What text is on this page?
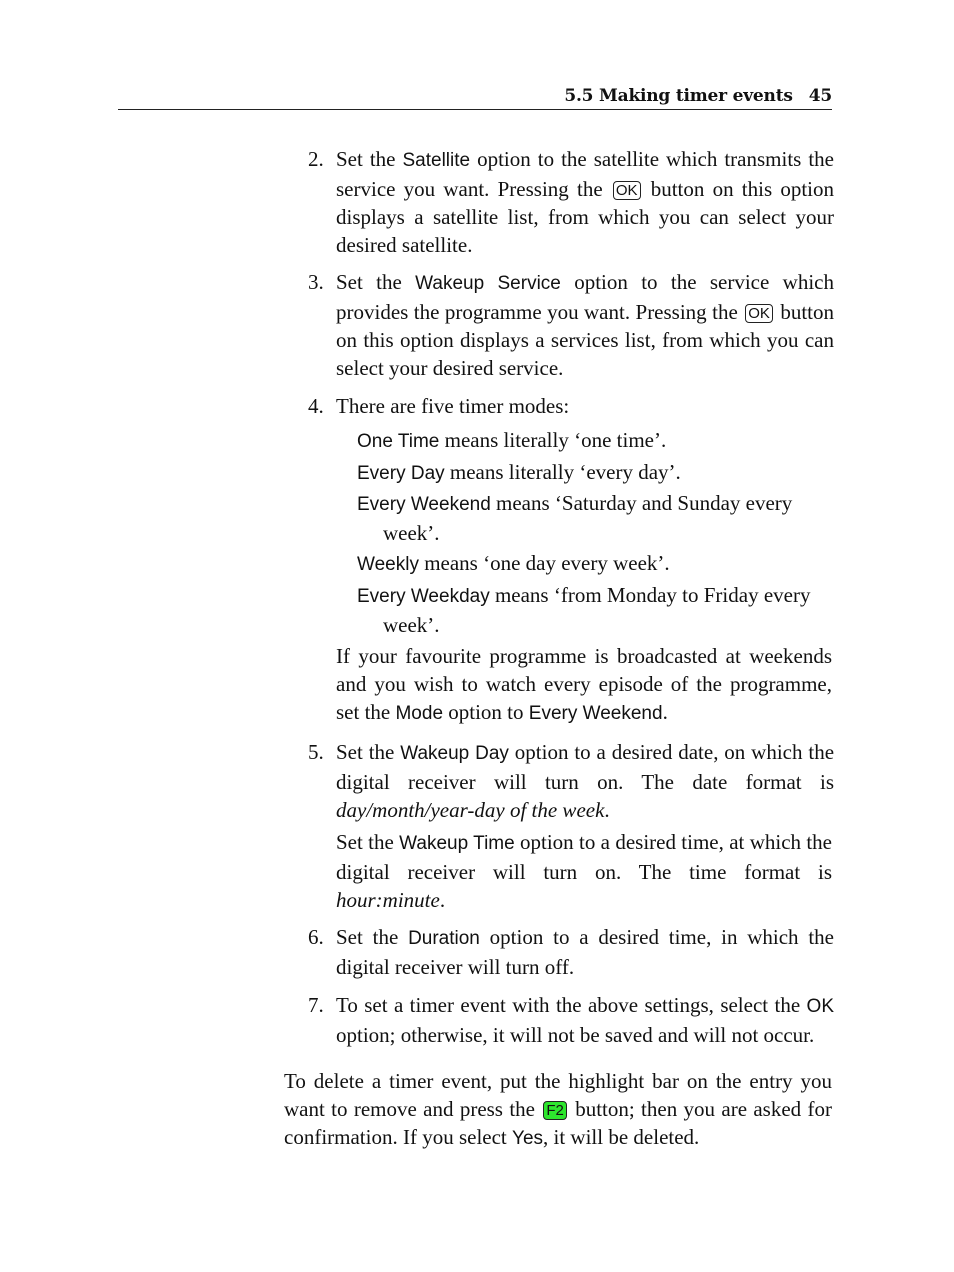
5.5 Making timer events 45
2. Set the Satellite option to the satellite which transmits the service you want. Pressing the OK button on this option displays a satellite list, from which you can select your desired satellite.
3. Set the Wakeup Service option to the service which provides the programme you want. Pressing the OK button on this option displays a services list, from which you can select your desired service.
4. There are five timer modes:
One Time means literally ‘one time’.
Every Day means literally ‘every day’.
Every Weekend means ‘Saturday and Sunday every
week’.
Weekly means ‘one day every week’.
Every Weekday means ‘from Monday to Friday every
week’.
If your favourite programme is broadcasted at weekends and you wish to watch every episode of the programme, set the Mode option to Every Weekend.
5. Set the Wakeup Day option to a desired date, on which the digital receiver will turn on. The date format is day/month/year-day of the week.
Set the Wakeup Time option to a desired time, at which the digital receiver will turn on. The time format is hour:minute.
6. Set the Duration option to a desired time, in which the digital receiver will turn off.
7. To set a timer event with the above settings, select the OK option; otherwise, it will not be saved and will not occur.
To delete a timer event, put the highlight bar on the entry you want to remove and press the F2 button; then you are asked for confirmation. If you select Yes, it will be deleted.
